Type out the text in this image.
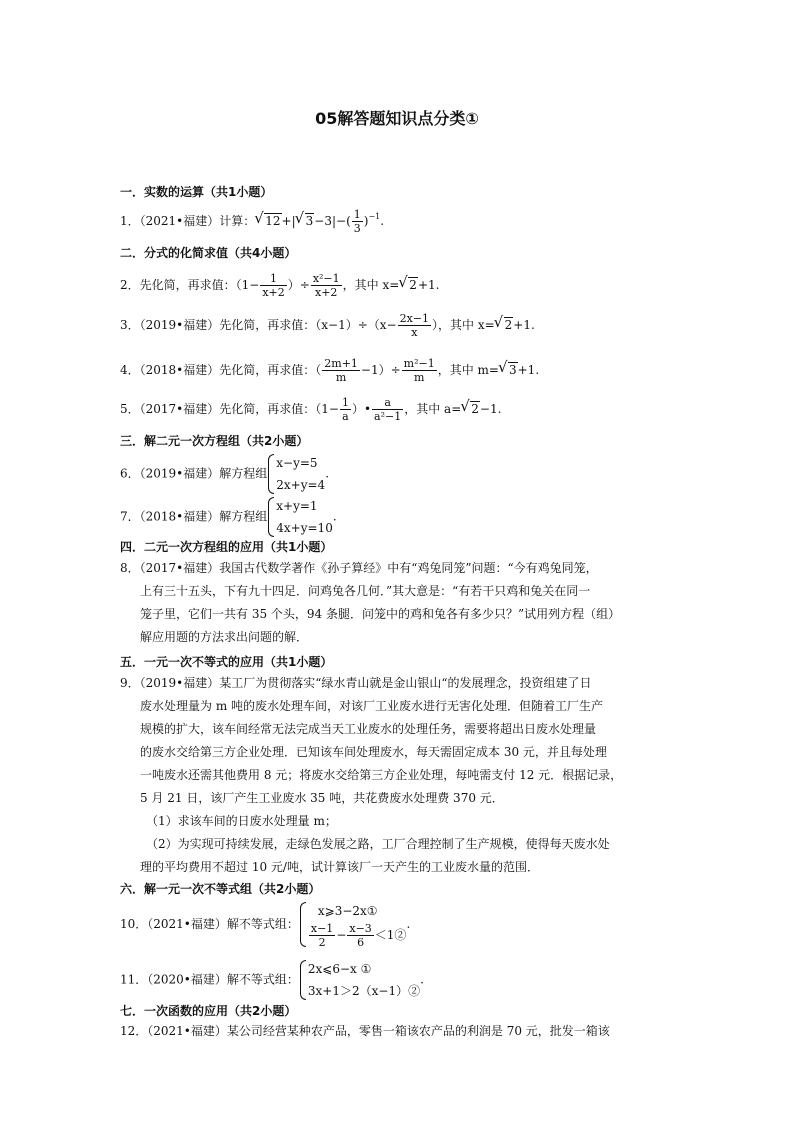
05解答题知识点分类①
一．实数的运算（共1小题）
1．（2021•福建）计算： √ 12+| √ $3-3|-( \frac{1}{3} )^{-1}$.
二．分式的化简求值（共4小题）
2．先化简，再求值：（$1- \frac{1}{x+2}$ ）÷ $\frac{\text{x²−1}}{x+2}$ ，其中 x= √ 2+1.
3．（2019•福建）先化简，再求值：$(x-1)\div(x- \frac{2x-1}{x}$ ），其中 x= √ 2+1.
4．（2018•福建）先化简，再求值：（ $\frac{2m+1}{m} -1)\div \frac{\text{m²−1}}{m}$ ，其中 m= √ 3+1.
5．（2017•福建）先化简，再求值：（$1- \frac{1}{a}$ ）• $\frac{a}{\text{a²−1}}$ ，其中 a= √ 2−1.
三．解二元一次方程组（共2小题）
6．（2019•福建）解方程组
x−y=5
2x+y=4
.
7．（2018•福建）解方程组
x+y=1
4x+y=10
.
四．二元一次方程组的应用（共1小题）
8．（2017•福建）我国古代数学著作《孙子算经》中有“鸡兔同笼”问题：“今有鸡兔同笼，
上有三十五头，下有九十四足．问鸡兔各几何．”其大意是：“有若干只鸡和兔关在同一
笼子里，它们一共有 35 个头，94 条腿．问笼中的鸡和兔各有多少只？”试用列方程（组）
解应用题的方法求出问题的解．
五．一元一次不等式的应用（共1小题）
9．（2019•福建）某工厂为贯彻落实“绿水青山就是金山银山“的发展理念，投资组建了日
废水处理量为 m 吨的废水处理车间，对该厂工业废水进行无害化处理．但随着工厂生产
规模的扩大，该车间经常无法完成当天工业废水的处理任务，需要将超出日废水处理量
的废水交给第三方企业处理．已知该车间处理废水，每天需固定成本 30 元，并且每处理
一吨废水还需其他费用 8 元；将废水交给第三方企业处理，每吨需支付 12 元．根据记录，
5 月 21 日，该厂产生工业废水 35 吨，共花费废水处理费 370 元．
（1）求该车间的日废水处理量 m；
（2）为实现可持续发展，走绿色发展之路，工厂合理控制了生产规模，使得每天废水处
理的平均费用不超过 10 元/吨，试计算该厂一天产生的工业废水量的范围．
六．解一元一次不等式组（共2小题）
10．（2021•福建）解不等式组：
x⩾3−2x①
$\frac{x-1}{2} - \frac{x-3}{6}$ ＜1②
.
11．（2020•福建）解不等式组：
2x⩽6−x ①
3x+1＞2（x−1）②
.
七．一次函数的应用（共2小题）
12．（2021•福建）某公司经营某种农产品，零售一箱该农产品的利润是 70 元，批发一箱该
